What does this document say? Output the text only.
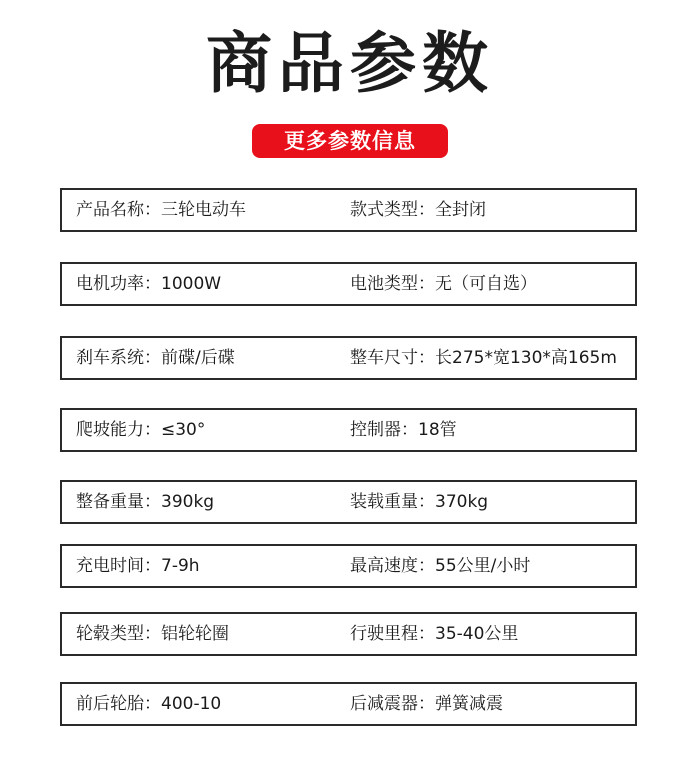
商品参数
更多参数信息
产品名称：三轮电动车	款式类型：全封闭
电机功率：1000W	电池类型：无（可自选）
刹车系统：前碟/后碟	整车尺寸：长275*宽130*高165m
爬坡能力：≤30°	控制器：18管
整备重量：390kg	装载重量：370kg
充电时间：7-9h	最高速度：55公里/小时
轮毂类型：铝轮轮圈	行驶里程：35-40公里
前后轮胎：400-10	后减震器：弹簧减震
